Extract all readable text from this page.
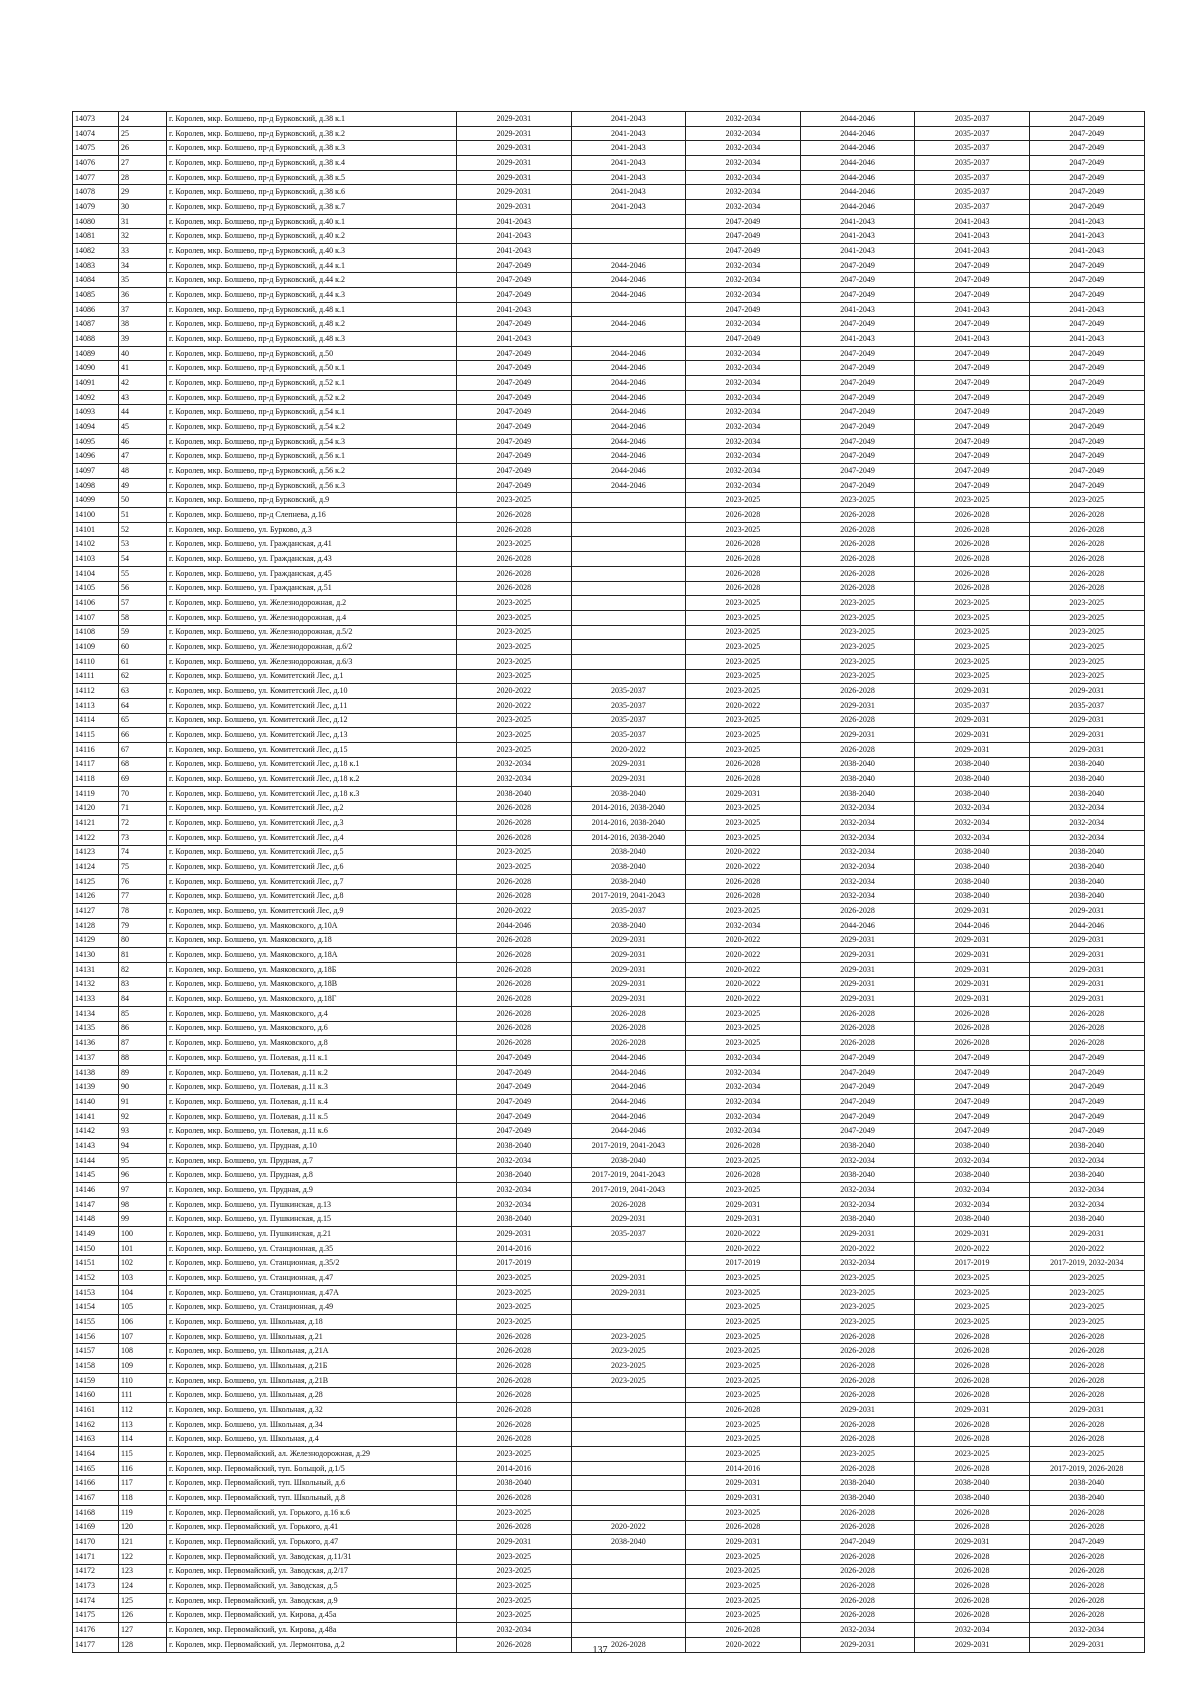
14073	24	г. Королев, мкр. Болшево, пр-д Бурковский, д.38 к.1	2029-2031	2041-2043	2032-2034	2044-2046	2035-2037	2047-2049
14074	25	г. Королев, мкр. Болшево, пр-д Бурковский, д.38 к.2	2029-2031	2041-2043	2032-2034	2044-2046	2035-2037	2047-2049
14075	26	г. Королев, мкр. Болшево, пр-д Бурковский, д.38 к.3	2029-2031	2041-2043	2032-2034	2044-2046	2035-2037	2047-2049
14076	27	г. Королев, мкр. Болшево, пр-д Бурковский, д.38 к.4	2029-2031	2041-2043	2032-2034	2044-2046	2035-2037	2047-2049
14077	28	г. Королев, мкр. Болшево, пр-д Бурковский, д.38 к.5	2029-2031	2041-2043	2032-2034	2044-2046	2035-2037	2047-2049
14078	29	г. Королев, мкр. Болшево, пр-д Бурковский, д.38 к.6	2029-2031	2041-2043	2032-2034	2044-2046	2035-2037	2047-2049
14079	30	г. Королев, мкр. Болшево, пр-д Бурковский, д.38 к.7	2029-2031	2041-2043	2032-2034	2044-2046	2035-2037	2047-2049
14080	31	г. Королев, мкр. Болшево, пр-д Бурковский, д.40 к.1	2041-2043		2047-2049	2041-2043	2041-2043	2041-2043
14081	32	г. Королев, мкр. Болшево, пр-д Бурковский, д.40 к.2	2041-2043		2047-2049	2041-2043	2041-2043	2041-2043
14082	33	г. Королев, мкр. Болшево, пр-д Бурковский, д.40 к.3	2041-2043		2047-2049	2041-2043	2041-2043	2041-2043
14083	34	г. Королев, мкр. Болшево, пр-д Бурковский, д.44 к.1	2047-2049	2044-2046	2032-2034	2047-2049	2047-2049	2047-2049
14084	35	г. Королев, мкр. Болшево, пр-д Бурковский, д.44 к.2	2047-2049	2044-2046	2032-2034	2047-2049	2047-2049	2047-2049
14085	36	г. Королев, мкр. Болшево, пр-д Бурковский, д.44 к.3	2047-2049	2044-2046	2032-2034	2047-2049	2047-2049	2047-2049
14086	37	г. Королев, мкр. Болшево, пр-д Бурковский, д.48 к.1	2041-2043		2047-2049	2041-2043	2041-2043	2041-2043
14087	38	г. Королев, мкр. Болшево, пр-д Бурковский, д.48 к.2	2047-2049	2044-2046	2032-2034	2047-2049	2047-2049	2047-2049
14088	39	г. Королев, мкр. Болшево, пр-д Бурковский, д.48 к.3	2041-2043		2047-2049	2041-2043	2041-2043	2041-2043
14089	40	г. Королев, мкр. Болшево, пр-д Бурковский, д.50	2047-2049	2044-2046	2032-2034	2047-2049	2047-2049	2047-2049
14090	41	г. Королев, мкр. Болшево, пр-д Бурковский, д.50 к.1	2047-2049	2044-2046	2032-2034	2047-2049	2047-2049	2047-2049
14091	42	г. Королев, мкр. Болшево, пр-д Бурковский, д.52 к.1	2047-2049	2044-2046	2032-2034	2047-2049	2047-2049	2047-2049
14092	43	г. Королев, мкр. Болшево, пр-д Бурковский, д.52 к.2	2047-2049	2044-2046	2032-2034	2047-2049	2047-2049	2047-2049
14093	44	г. Королев, мкр. Болшево, пр-д Бурковский, д.54 к.1	2047-2049	2044-2046	2032-2034	2047-2049	2047-2049	2047-2049
14094	45	г. Королев, мкр. Болшево, пр-д Бурковский, д.54 к.2	2047-2049	2044-2046	2032-2034	2047-2049	2047-2049	2047-2049
14095	46	г. Королев, мкр. Болшево, пр-д Бурковский, д.54 к.3	2047-2049	2044-2046	2032-2034	2047-2049	2047-2049	2047-2049
14096	47	г. Королев, мкр. Болшево, пр-д Бурковский, д.56 к.1	2047-2049	2044-2046	2032-2034	2047-2049	2047-2049	2047-2049
14097	48	г. Королев, мкр. Болшево, пр-д Бурковский, д.56 к.2	2047-2049	2044-2046	2032-2034	2047-2049	2047-2049	2047-2049
14098	49	г. Королев, мкр. Болшево, пр-д Бурковский, д.56 к.3	2047-2049	2044-2046	2032-2034	2047-2049	2047-2049	2047-2049
14099	50	г. Королев, мкр. Болшево, пр-д Бурковский, д.9	2023-2025		2023-2025	2023-2025	2023-2025	2023-2025
14100	51	г. Королев, мкр. Болшево, пр-д Cлепнева, д.16	2026-2028		2026-2028	2026-2028	2026-2028	2026-2028
14101	52	г. Королев, мкр. Болшево, ул. Бурково, д.3	2026-2028		2023-2025	2026-2028	2026-2028	2026-2028
14102	53	г. Королев, мкр. Болшево, ул. Гражданская, д.41	2023-2025		2026-2028	2026-2028	2026-2028	2026-2028
14103	54	г. Королев, мкр. Болшево, ул. Гражданская, д.43	2026-2028		2026-2028	2026-2028	2026-2028	2026-2028
14104	55	г. Королев, мкр. Болшево, ул. Гражданская, д.45	2026-2028		2026-2028	2026-2028	2026-2028	2026-2028
14105	56	г. Королев, мкр. Болшево, ул. Гражданская, д.51	2026-2028		2026-2028	2026-2028	2026-2028	2026-2028
14106	57	г. Королев, мкр. Болшево, ул. Железнодорожная, д.2	2023-2025		2023-2025	2023-2025	2023-2025	2023-2025
14107	58	г. Королев, мкр. Болшево, ул. Железнодорожная, д.4	2023-2025		2023-2025	2023-2025	2023-2025	2023-2025
14108	59	г. Королев, мкр. Болшево, ул. Железнодорожная, д.5/2	2023-2025		2023-2025	2023-2025	2023-2025	2023-2025
14109	60	г. Королев, мкр. Болшево, ул. Железнодорожная, д.6/2	2023-2025		2023-2025	2023-2025	2023-2025	2023-2025
14110	61	г. Королев, мкр. Болшево, ул. Железнодорожная, д.6/3	2023-2025		2023-2025	2023-2025	2023-2025	2023-2025
14111	62	г. Королев, мкр. Болшево, ул. Комитетский Лес, д.1	2023-2025		2023-2025	2023-2025	2023-2025	2023-2025
14112	63	г. Королев, мкр. Болшево, ул. Комитетский Лес, д.10	2020-2022	2035-2037	2023-2025	2026-2028	2029-2031	2029-2031
14113	64	г. Королев, мкр. Болшево, ул. Комитетский Лес, д.11	2020-2022	2035-2037	2020-2022	2029-2031	2035-2037	2035-2037
14114	65	г. Королев, мкр. Болшево, ул. Комитетский Лес, д.12	2023-2025	2035-2037	2023-2025	2026-2028	2029-2031	2029-2031
14115	66	г. Королев, мкр. Болшево, ул. Комитетский Лес, д.13	2023-2025	2035-2037	2023-2025	2029-2031	2029-2031	2029-2031
14116	67	г. Королев, мкр. Болшево, ул. Комитетский Лес, д.15	2023-2025	2020-2022	2023-2025	2026-2028	2029-2031	2029-2031
14117	68	г. Королев, мкр. Болшево, ул. Комитетский Лес, д.18 к.1	2032-2034	2029-2031	2026-2028	2038-2040	2038-2040	2038-2040
14118	69	г. Королев, мкр. Болшево, ул. Комитетский Лес, д.18 к.2	2032-2034	2029-2031	2026-2028	2038-2040	2038-2040	2038-2040
14119	70	г. Королев, мкр. Болшево, ул. Комитетский Лес, д.18 к.3	2038-2040	2038-2040	2029-2031	2038-2040	2038-2040	2038-2040
14120	71	г. Королев, мкр. Болшево, ул. Комитетский Лес, д.2	2026-2028	2014-2016, 2038-2040	2023-2025	2032-2034	2032-2034	2032-2034
14121	72	г. Королев, мкр. Болшево, ул. Комитетский Лес, д.3	2026-2028	2014-2016, 2038-2040	2023-2025	2032-2034	2032-2034	2032-2034
14122	73	г. Королев, мкр. Болшево, ул. Комитетский Лес, д.4	2026-2028	2014-2016, 2038-2040	2023-2025	2032-2034	2032-2034	2032-2034
14123	74	г. Королев, мкр. Болшево, ул. Комитетский Лес, д.5	2023-2025	2038-2040	2020-2022	2032-2034	2038-2040	2038-2040
14124	75	г. Королев, мкр. Болшево, ул. Комитетский Лес, д.6	2023-2025	2038-2040	2020-2022	2032-2034	2038-2040	2038-2040
14125	76	г. Королев, мкр. Болшево, ул. Комитетский Лес, д.7	2026-2028	2038-2040	2026-2028	2032-2034	2038-2040	2038-2040
14126	77	г. Королев, мкр. Болшево, ул. Комитетский Лес, д.8	2026-2028	2017-2019, 2041-2043	2026-2028	2032-2034	2038-2040	2038-2040
14127	78	г. Королев, мкр. Болшево, ул. Комитетский Лес, д.9	2020-2022	2035-2037	2023-2025	2026-2028	2029-2031	2029-2031
14128	79	г. Королев, мкр. Болшево, ул. Маяковского, д.10А	2044-2046	2038-2040	2032-2034	2044-2046	2044-2046	2044-2046
14129	80	г. Королев, мкр. Болшево, ул. Маяковского, д.18	2026-2028	2029-2031	2020-2022	2029-2031	2029-2031	2029-2031
14130	81	г. Королев, мкр. Болшево, ул. Маяковского, д.18А	2026-2028	2029-2031	2020-2022	2029-2031	2029-2031	2029-2031
14131	82	г. Королев, мкр. Болшево, ул. Маяковского, д.18Б	2026-2028	2029-2031	2020-2022	2029-2031	2029-2031	2029-2031
14132	83	г. Королев, мкр. Болшево, ул. Маяковского, д.18В	2026-2028	2029-2031	2020-2022	2029-2031	2029-2031	2029-2031
14133	84	г. Королев, мкр. Болшево, ул. Маяковского, д.18Г	2026-2028	2029-2031	2020-2022	2029-2031	2029-2031	2029-2031
14134	85	г. Королев, мкр. Болшево, ул. Маяковского, д.4	2026-2028	2026-2028	2023-2025	2026-2028	2026-2028	2026-2028
14135	86	г. Королев, мкр. Болшево, ул. Маяковского, д.6	2026-2028	2026-2028	2023-2025	2026-2028	2026-2028	2026-2028
14136	87	г. Королев, мкр. Болшево, ул. Маяковского, д.8	2026-2028	2026-2028	2023-2025	2026-2028	2026-2028	2026-2028
14137	88	г. Королев, мкр. Болшево, ул. Полевая, д.11 к.1	2047-2049	2044-2046	2032-2034	2047-2049	2047-2049	2047-2049
14138	89	г. Королев, мкр. Болшево, ул. Полевая, д.11 к.2	2047-2049	2044-2046	2032-2034	2047-2049	2047-2049	2047-2049
14139	90	г. Королев, мкр. Болшево, ул. Полевая, д.11 к.3	2047-2049	2044-2046	2032-2034	2047-2049	2047-2049	2047-2049
14140	91	г. Королев, мкр. Болшево, ул. Полевая, д.11 к.4	2047-2049	2044-2046	2032-2034	2047-2049	2047-2049	2047-2049
14141	92	г. Королев, мкр. Болшево, ул. Полевая, д.11 к.5	2047-2049	2044-2046	2032-2034	2047-2049	2047-2049	2047-2049
14142	93	г. Королев, мкр. Болшево, ул. Полевая, д.11 к.6	2047-2049	2044-2046	2032-2034	2047-2049	2047-2049	2047-2049
14143	94	г. Королев, мкр. Болшево, ул. Прудная, д.10	2038-2040	2017-2019, 2041-2043	2026-2028	2038-2040	2038-2040	2038-2040
14144	95	г. Королев, мкр. Болшево, ул. Прудная, д.7	2032-2034	2038-2040	2023-2025	2032-2034	2032-2034	2032-2034
14145	96	г. Королев, мкр. Болшево, ул. Прудная, д.8	2038-2040	2017-2019, 2041-2043	2026-2028	2038-2040	2038-2040	2038-2040
14146	97	г. Королев, мкр. Болшево, ул. Прудная, д.9	2032-2034	2017-2019, 2041-2043	2023-2025	2032-2034	2032-2034	2032-2034
14147	98	г. Королев, мкр. Болшево, ул. Пушкинская, д.13	2032-2034	2026-2028	2029-2031	2032-2034	2032-2034	2032-2034
14148	99	г. Королев, мкр. Болшево, ул. Пушкинская, д.15	2038-2040	2029-2031	2029-2031	2038-2040	2038-2040	2038-2040
14149	100	г. Королев, мкр. Болшево, ул. Пушкинская, д.21	2029-2031	2035-2037	2020-2022	2029-2031	2029-2031	2029-2031
14150	101	г. Королев, мкр. Болшево, ул. Станционная, д.35	2014-2016		2020-2022	2020-2022	2020-2022	2020-2022
14151	102	г. Королев, мкр. Болшево, ул. Станционная, д.35/2	2017-2019		2017-2019	2032-2034	2017-2019	2017-2019, 2032-2034
14152	103	г. Королев, мкр. Болшево, ул. Станционная, д.47	2023-2025	2029-2031	2023-2025	2023-2025	2023-2025	2023-2025
14153	104	г. Королев, мкр. Болшево, ул. Станционная, д.47А	2023-2025	2029-2031	2023-2025	2023-2025	2023-2025	2023-2025
14154	105	г. Королев, мкр. Болшево, ул. Станционная, д.49	2023-2025		2023-2025	2023-2025	2023-2025	2023-2025
14155	106	г. Королев, мкр. Болшево, ул. Школьная, д.18	2023-2025		2023-2025	2023-2025	2023-2025	2023-2025
14156	107	г. Королев, мкр. Болшево, ул. Школьная, д.21	2026-2028	2023-2025	2023-2025	2026-2028	2026-2028	2026-2028
14157	108	г. Королев, мкр. Болшево, ул. Школьная, д.21А	2026-2028	2023-2025	2023-2025	2026-2028	2026-2028	2026-2028
14158	109	г. Королев, мкр. Болшево, ул. Школьная, д.21Б	2026-2028	2023-2025	2023-2025	2026-2028	2026-2028	2026-2028
14159	110	г. Королев, мкр. Болшево, ул. Школьная, д.21В	2026-2028	2023-2025	2023-2025	2026-2028	2026-2028	2026-2028
14160	111	г. Королев, мкр. Болшево, ул. Школьная, д.28	2026-2028		2023-2025	2026-2028	2026-2028	2026-2028
14161	112	г. Королев, мкр. Болшево, ул. Школьная, д.32	2026-2028		2026-2028	2029-2031	2029-2031	2029-2031
14162	113	г. Королев, мкр. Болшево, ул. Школьная, д.34	2026-2028		2023-2025	2026-2028	2026-2028	2026-2028
14163	114	г. Королев, мкр. Болшево, ул. Школьная, д.4	2026-2028		2023-2025	2026-2028	2026-2028	2026-2028
14164	115	г. Королев, мкр. Первомайский, ал. Железнодорожная, д.29	2023-2025		2023-2025	2023-2025	2023-2025	2023-2025
14165	116	г. Королев, мкр. Первомайский, туп. Больщой, д.1/5	2014-2016		2014-2016	2026-2028	2026-2028	2017-2019, 2026-2028
14166	117	г. Королев, мкр. Первомайский, туп. Школьный, д.6	2038-2040		2029-2031	2038-2040	2038-2040	2038-2040
14167	118	г. Королев, мкр. Первомайский, туп. Школьный, д.8	2026-2028		2029-2031	2038-2040	2038-2040	2038-2040
14168	119	г. Королев, мкр. Первомайский, ул. Горького, д.16 к.6	2023-2025		2023-2025	2026-2028	2026-2028	2026-2028
14169	120	г. Королев, мкр. Первомайский, ул. Горького, д.41	2026-2028	2020-2022	2026-2028	2026-2028	2026-2028	2026-2028
14170	121	г. Королев, мкр. Первомайский, ул. Горького, д.47	2029-2031	2038-2040	2029-2031	2047-2049	2029-2031	2047-2049
14171	122	г. Королев, мкр. Первомайский, ул. Заводская, д.11/31	2023-2025		2023-2025	2026-2028	2026-2028	2026-2028
14172	123	г. Королев, мкр. Первомайский, ул. Заводская, д.2/17	2023-2025		2023-2025	2026-2028	2026-2028	2026-2028
14173	124	г. Королев, мкр. Первомайский, ул. Заводская, д.5	2023-2025		2023-2025	2026-2028	2026-2028	2026-2028
14174	125	г. Королев, мкр. Первомайский, ул. Заводская, д.9	2023-2025		2023-2025	2026-2028	2026-2028	2026-2028
14175	126	г. Королев, мкр. Первомайский, ул. Кирова, д.45а	2023-2025		2023-2025	2026-2028	2026-2028	2026-2028
14176	127	г. Королев, мкр. Первомайский, ул. Кирова, д.48а	2032-2034		2026-2028	2032-2034	2032-2034	2032-2034
14177	128	г. Королев, мкр. Первомайский, ул. Лермонтова, д.2	2026-2028	2026-2028	2020-2022	2029-2031	2029-2031	2029-2031
137
